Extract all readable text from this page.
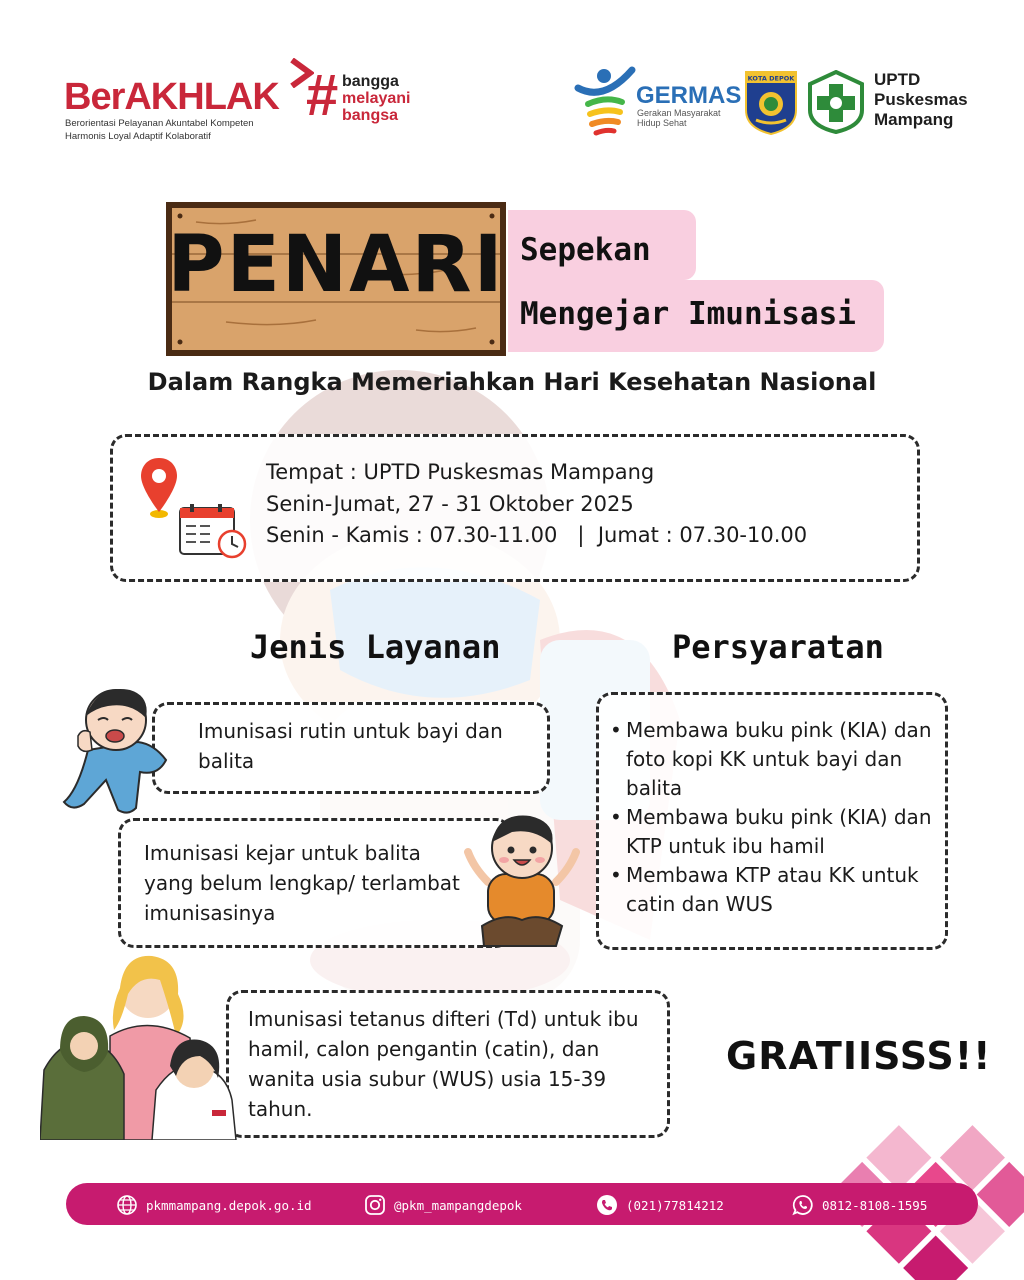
BerAKHLAK
Berorientasi Pelayanan Akuntabel Kompeten
Harmonis Loyal Adaptif Kolaboratif
# bangga
melayani
bangsa
GERMAS
Gerakan Masyarakat
Hidup Sehat
KOTA DEPOK	UPTD
Puskesmas
Mampang
PENARI Sepekan
Mengejar Imunisasi
Dalam Rangka Memeriahkan Hari Kesehatan Nasional
Tempat : UPTD Puskesmas Mampang
Senin-Jumat, 27 - 31 Oktober 2025
Senin - Kamis : 07.30-11.00   |  Jumat : 07.30-10.00
Jenis Layanan	Persyaratan
Imunisasi rutin untuk bayi dan balita
Imunisasi kejar untuk balita yang belum lengkap/ terlambat imunisasinya
Imunisasi tetanus difteri (Td) untuk ibu hamil, calon pengantin (catin), dan wanita usia subur (WUS) usia 15-39 tahun.
• Membawa buku pink (KIA) dan foto kopi KK untuk bayi dan balita
• Membawa buku pink (KIA) dan KTP untuk ibu hamil
• Membawa KTP atau KK untuk catin dan WUS
GRATIISSS!!
pkmmampang.depok.go.id	@pkm_mampangdepok	(021)77814212	0812-8108-1595
